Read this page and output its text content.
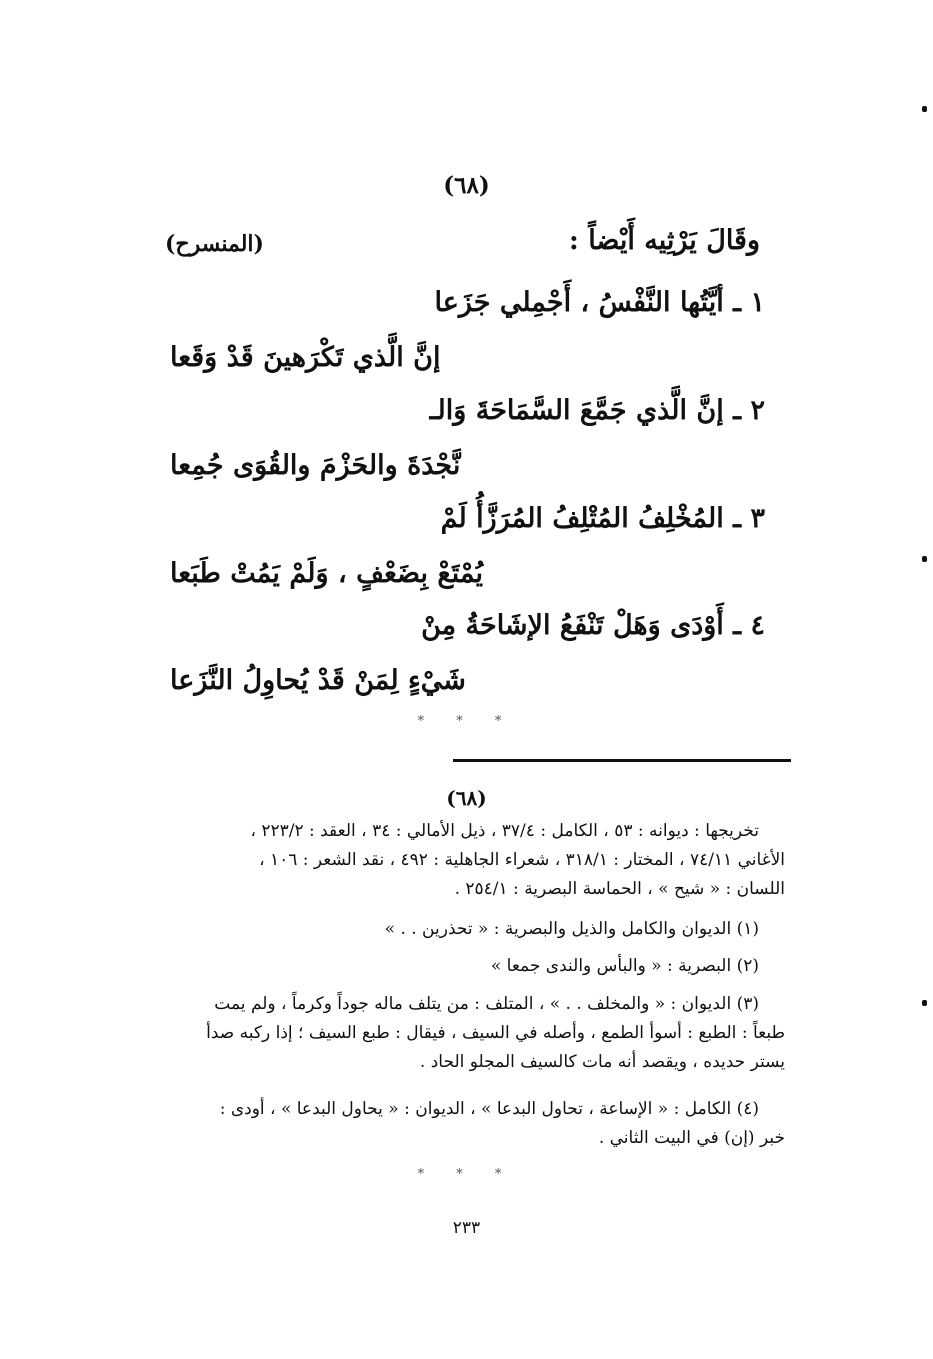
(٦٨)
وقَالَ يَرْثِيه أَيْضاً :
(المنسرح)
١ ـ أيَّتُها النَّفْسُ ، أَجْمِلي جَزَعا
إنَّ الَّذي تَكْرَهينَ قَدْ وَقَعا
٢ ـ إنَّ الَّذي جَمَّعَ السَّمَاحَةَ وَالـ
نَّجْدَةَ والحَزْمَ والقُوَى جُمِعا
٣ ـ المُخْلِفُ المُتْلِفُ المُرَزَّأُ لَمْ
يُمْتَعْ بِضَعْفٍ ، وَلَمْ يَمُتْ طَبَعا
٤ ـ أَوْدَى وَهَلْ تَنْفَعُ الإشَاحَةُ مِنْ
شَيْءٍ لِمَنْ قَدْ يُحاوِلُ النَّزَعا
* * *
(٦٨)
تخريجها : ديوانه : ٥٣ ، الكامل : ٣٧/٤ ، ذيل الأمالي : ٣٤ ، العقد : ٢٢٣/٢ ،
الأغاني ٧٤/١١ ، المختار : ٣١٨/١ ، شعراء الجاهلية : ٤٩٢ ، نقد الشعر : ١٠٦ ،
اللسان : « شيح » ، الحماسة البصرية : ٢٥٤/١ .
(١) الديوان والكامل والذيل والبصرية : « تحذرين . . »
(٢) البصرية : « والبأس والندى جمعا »
(٣) الديوان : « والمخلف . . » ، المتلف : من يتلف ماله جوداً وكرماً ، ولم يمت
طبعاً : الطبع : أسوأ الطمع ، وأصله في السيف ، فيقال : طبع السيف ؛ إذا ركبه صدأ
يستر حديده ، ويقصد أنه مات كالسيف المجلو الحاد .
(٤) الكامل : « الإساعة ، تحاول البدعا » ، الديوان : « يحاول البدعا » ، أودى :
خبر (إن) في البيت الثاني .
* * *
٢٣٣
